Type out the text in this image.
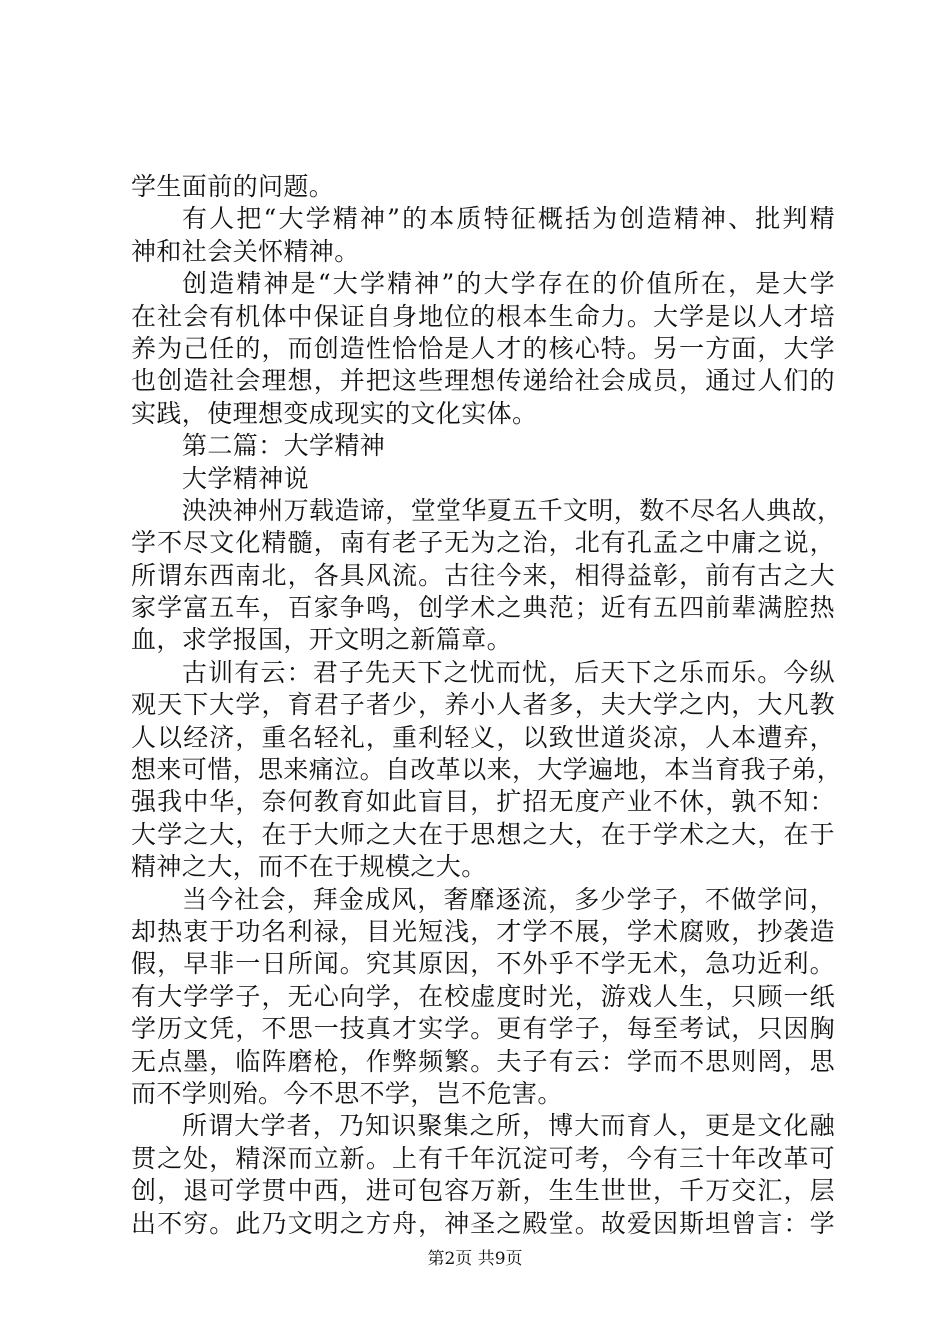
学生面前的问题。
有人把“大学精神”的本质特征概括为创造精神、批判精
神和社会关怀精神。
创造精神是“大学精神”的大学存在的价值所在，是大学
在社会有机体中保证自身地位的根本生命力。大学是以人才培
养为己任的，而创造性恰恰是人才的核心特。另一方面，大学
也创造社会理想，并把这些理想传递给社会成员，通过人们的
实践，使理想变成现实的文化实体。
第二篇：大学精神
大学精神说
泱泱神州万载造谛，堂堂华夏五千文明，数不尽名人典故，
学不尽文化精髓，南有老子无为之治，北有孔孟之中庸之说，
所谓东西南北，各具风流。古往今来，相得益彰，前有古之大
家学富五车，百家争鸣，创学术之典范；近有五四前辈满腔热
血，求学报国，开文明之新篇章。
古训有云：君子先天下之忧而忧，后天下之乐而乐。今纵
观天下大学，育君子者少，养小人者多，夫大学之内，大凡教
人以经济，重名轻礼，重利轻义，以致世道炎凉，人本遭弃，
想来可惜，思来痛泣。自改革以来，大学遍地，本当育我子弟，
强我中华，奈何教育如此盲目，扩招无度产业不休，孰不知：
大学之大，在于大师之大在于思想之大，在于学术之大，在于
精神之大，而不在于规模之大。
当今社会，拜金成风，奢靡逐流，多少学子，不做学问，
却热衷于功名利禄，目光短浅，才学不展，学术腐败，抄袭造
假，早非一日所闻。究其原因，不外乎不学无术，急功近利。
有大学学子，无心向学，在校虚度时光，游戏人生，只顾一纸
学历文凭，不思一技真才实学。更有学子，每至考试，只因胸
无点墨，临阵磨枪，作弊频繁。夫子有云：学而不思则罔，思
而不学则殆。今不思不学，岂不危害。
所谓大学者，乃知识聚集之所，博大而育人，更是文化融
贯之处，精深而立新。上有千年沉淀可考，今有三十年改革可
创，退可学贯中西，进可包容万新，生生世世，千万交汇，层
出不穷。此乃文明之方舟，神圣之殿堂。故爱因斯坦曾言：学
第2页 共9页
